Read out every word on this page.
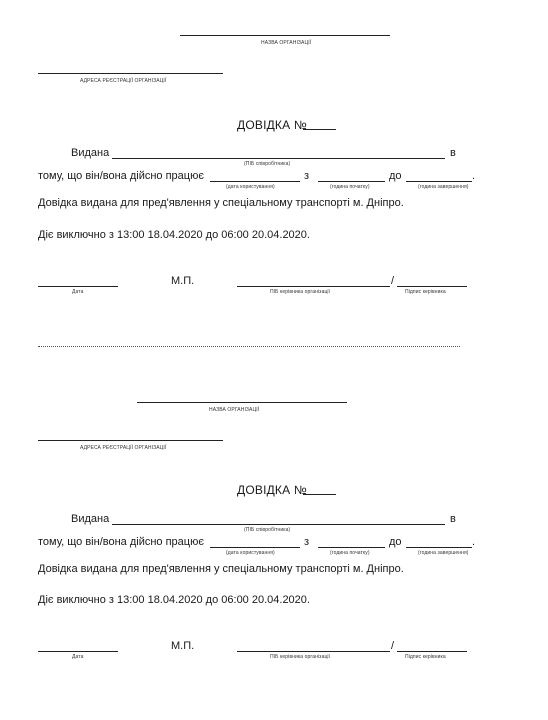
НАЗВА ОРГАНІЗАЦІЇ
АДРЕСА РЕЄСТРАЦІЇ ОРГАНІЗАЦІЇ
ДОВІДКА №
Видана	в
(ПІБ співробітника)
тому, що він/вона дійсно працює	з	до	.
(дата користування)	(година початку)	(година завершення)
Довідка видана для пред'явлення у спеціальному транспорті м. Дніпро.
Діє виключно з 13:00 18.04.2020 до 06:00 20.04.2020.
Дата
М.П.	/
ПІБ керівника організації	Підпис керівника
НАЗВА ОРГАНІЗАЦІЇ
АДРЕСА РЕЄСТРАЦІЇ ОРГАНІЗАЦІЇ
ДОВІДКА №
Видана	в
(ПІБ співробітника)
тому, що він/вона дійсно працює	з	до	.
(дата користування)	(година початку)	(година завершення)
Довідка видана для пред'явлення у спеціальному транспорті м. Дніпро.
Діє виключно з 13:00 18.04.2020 до 06:00 20.04.2020.
Дата
М.П.	/
ПІБ керівника організації	Підпис керівника
